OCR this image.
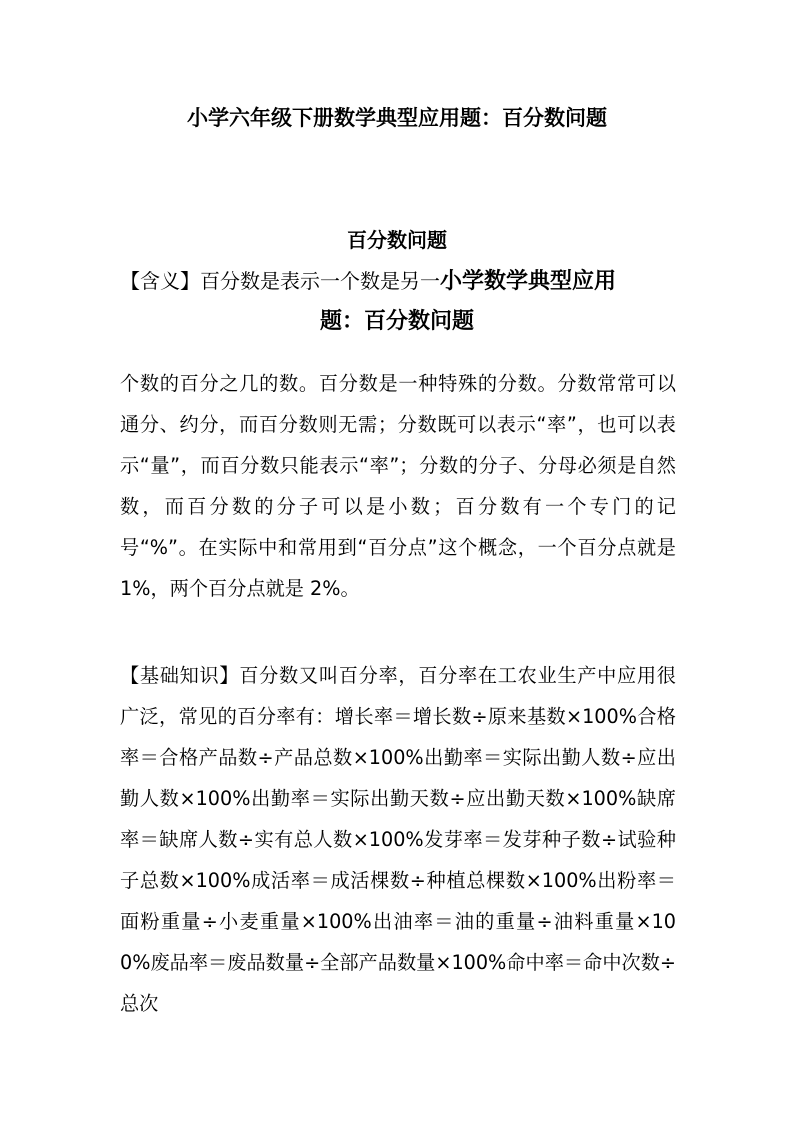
小学六年级下册数学典型应用题：百分数问题
百分数问题
【含义】百分数是表示一个数是另一小学数学典型应用
题：百分数问题
个数的百分之几的数。百分数是一种特殊的分数。分数常常可以通分、约分，而百分数则无需；分数既可以表示“率”，也可以表示“量”，而百分数只能表示“率”；分数的分子、分母必须是自然数，而百分数的分子可以是小数；百分数有一个专门的记号“%”。在实际中和常用到“百分点”这个概念，一个百分点就是 1%，两个百分点就是 2%。
【基础知识】百分数又叫百分率，百分率在工农业生产中应用很广泛，常见的百分率有：增长率＝增长数÷原来基数×100%合格率＝合格产品数÷产品总数×100%出勤率＝实际出勤人数÷应出勤人数×100%出勤率＝实际出勤天数÷应出勤天数×100%缺席率＝缺席人数÷实有总人数×100%发芽率＝发芽种子数÷试验种子总数×100%成活率＝成活棵数÷种植总棵数×100%出粉率＝面粉重量÷小麦重量×100%出油率＝油的重量÷油料重量×100%废品率＝废品数量÷全部产品数量×100%命中率＝命中次数÷总次
